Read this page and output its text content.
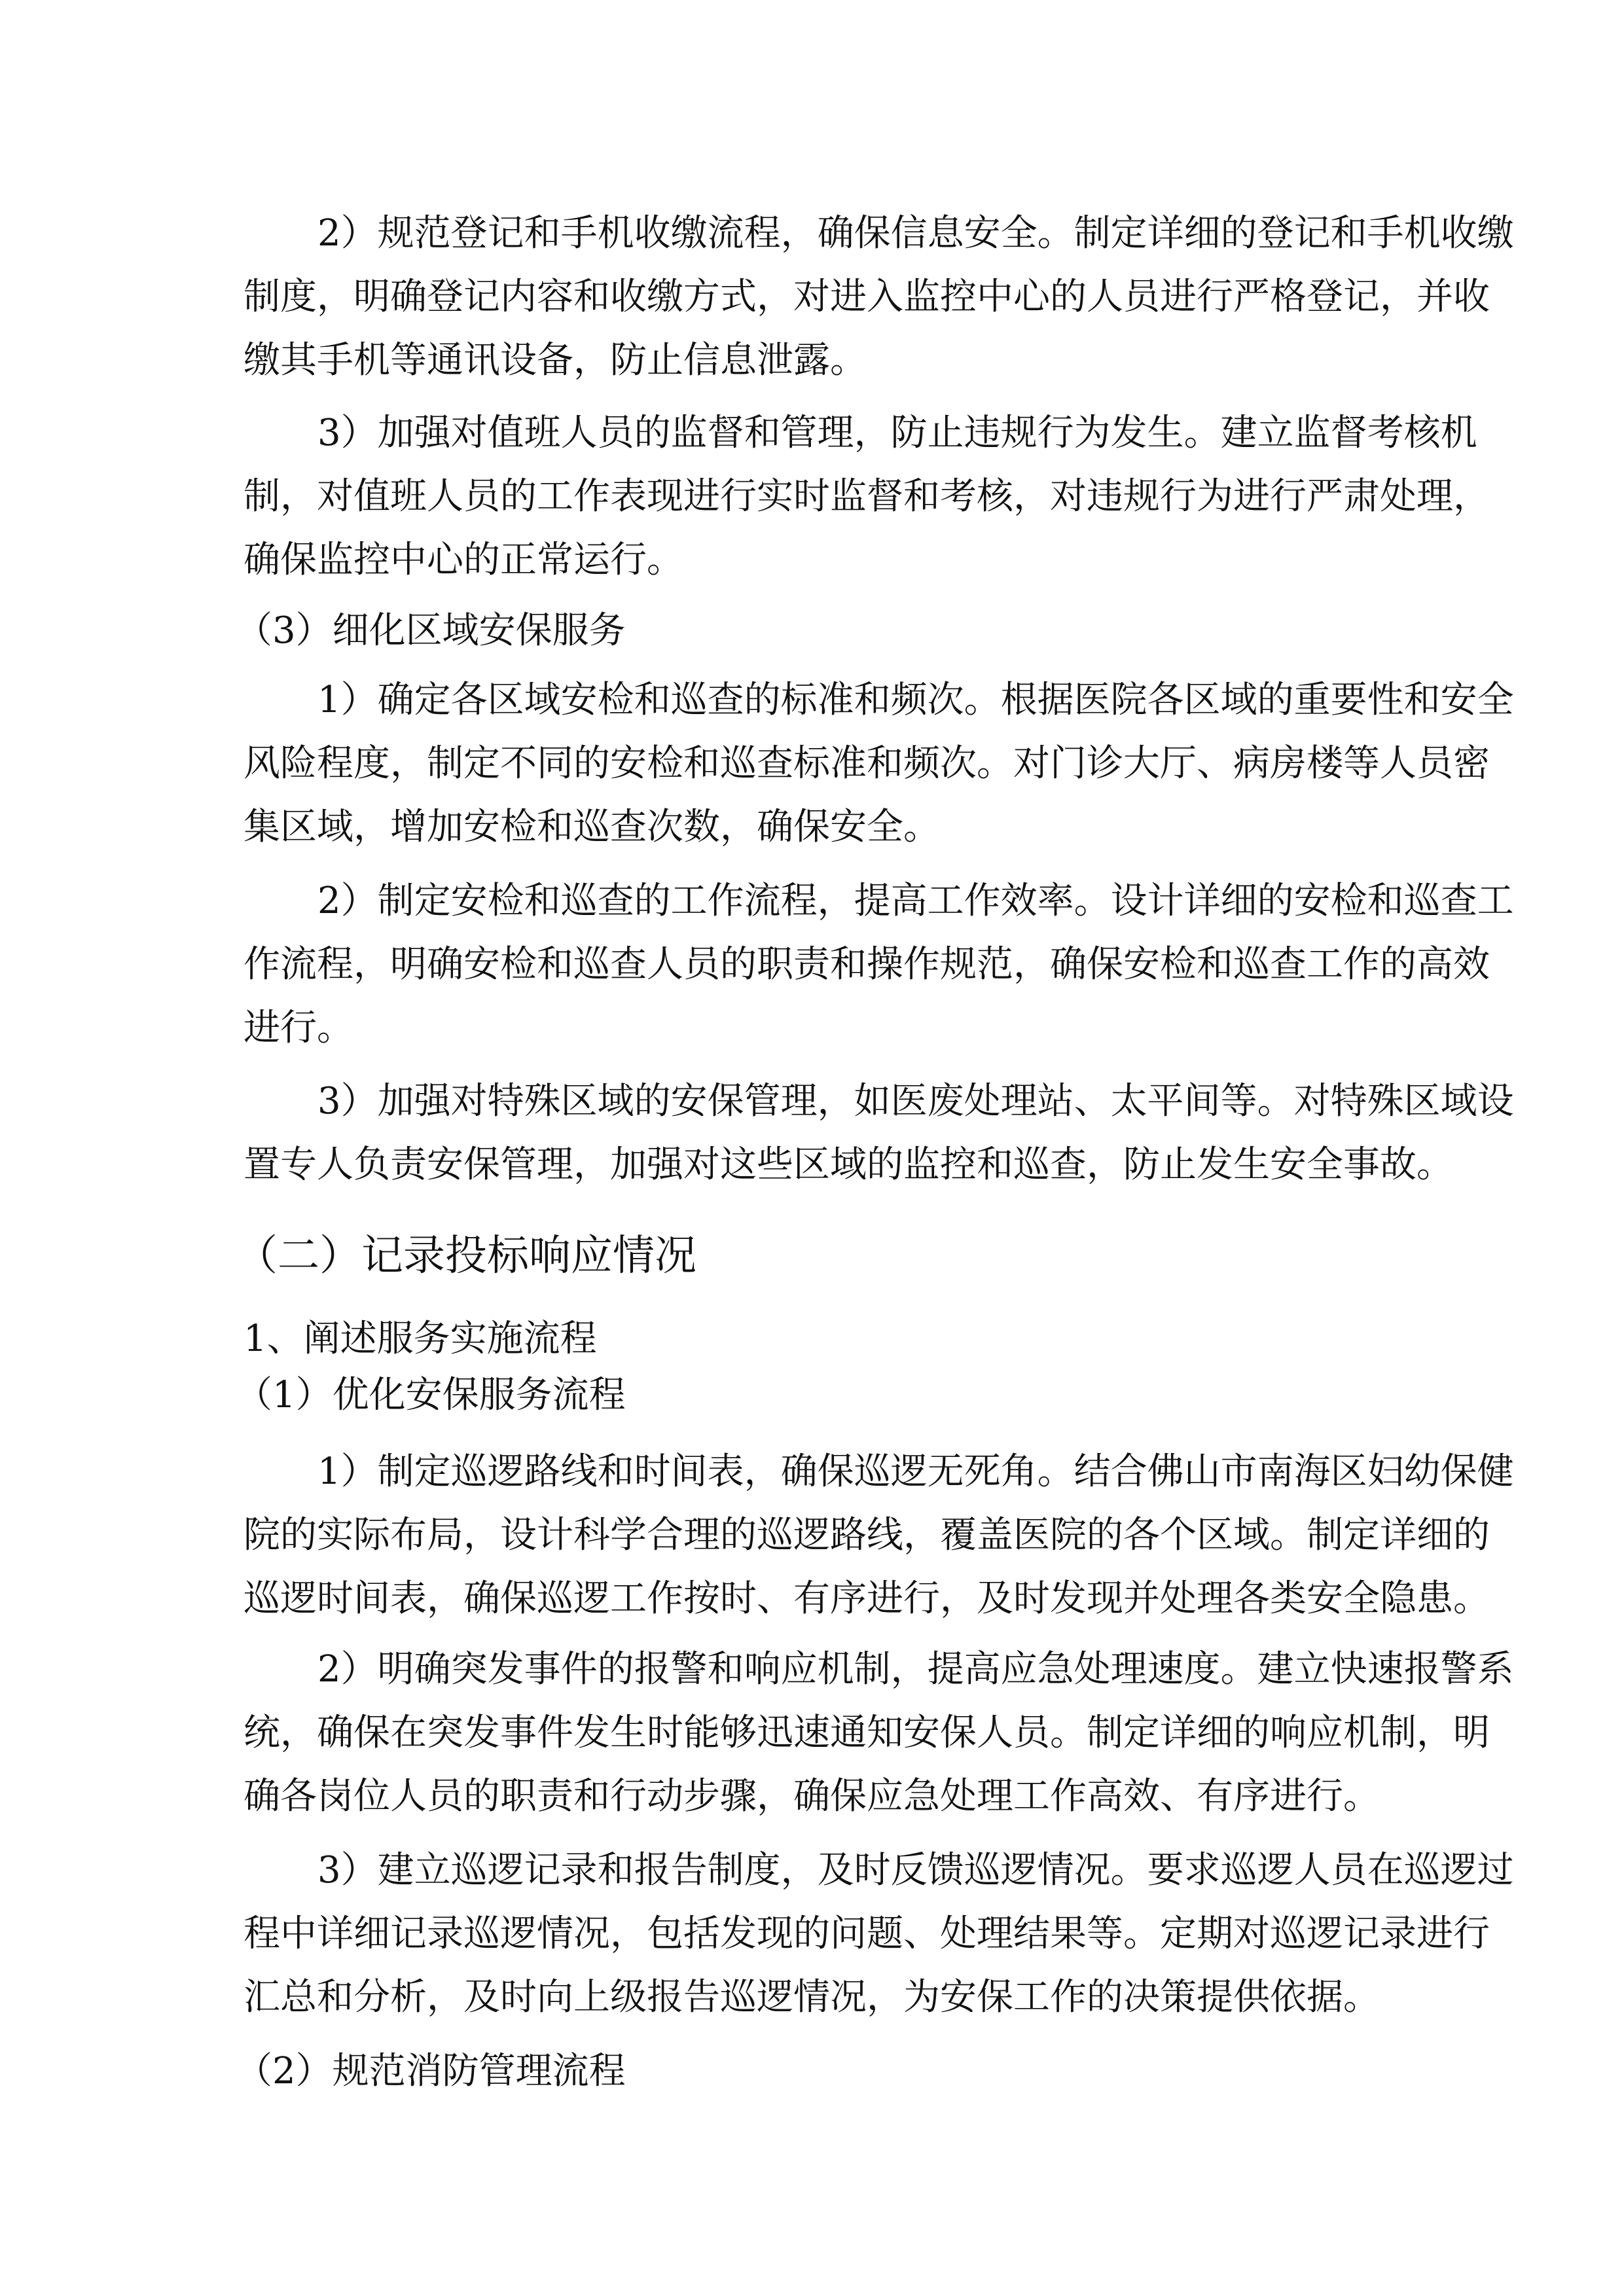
2）规范登记和手机收缴流程，确保信息安全。制定详细的登记和手机收缴
制度，明确登记内容和收缴方式，对进入监控中心的人员进行严格登记，并收
缴其手机等通讯设备，防止信息泄露。
3）加强对值班人员的监督和管理，防止违规行为发生。建立监督考核机
制，对值班人员的工作表现进行实时监督和考核，对违规行为进行严肃处理，
确保监控中心的正常运行。
（3）细化区域安保服务
1）确定各区域安检和巡查的标准和频次。根据医院各区域的重要性和安全
风险程度，制定不同的安检和巡查标准和频次。对门诊大厅、病房楼等人员密
集区域，增加安检和巡查次数，确保安全。
2）制定安检和巡查的工作流程，提高工作效率。设计详细的安检和巡查工
作流程，明确安检和巡查人员的职责和操作规范，确保安检和巡查工作的高效
进行。
3）加强对特殊区域的安保管理，如医废处理站、太平间等。对特殊区域设
置专人负责安保管理，加强对这些区域的监控和巡查，防止发生安全事故。
（二）记录投标响应情况
1、阐述服务实施流程
（1）优化安保服务流程
1）制定巡逻路线和时间表，确保巡逻无死角。结合佛山市南海区妇幼保健
院的实际布局，设计科学合理的巡逻路线，覆盖医院的各个区域。制定详细的
巡逻时间表，确保巡逻工作按时、有序进行，及时发现并处理各类安全隐患。
2）明确突发事件的报警和响应机制，提高应急处理速度。建立快速报警系
统，确保在突发事件发生时能够迅速通知安保人员。制定详细的响应机制，明
确各岗位人员的职责和行动步骤，确保应急处理工作高效、有序进行。
3）建立巡逻记录和报告制度，及时反馈巡逻情况。要求巡逻人员在巡逻过
程中详细记录巡逻情况，包括发现的问题、处理结果等。定期对巡逻记录进行
汇总和分析，及时向上级报告巡逻情况，为安保工作的决策提供依据。
（2）规范消防管理流程
